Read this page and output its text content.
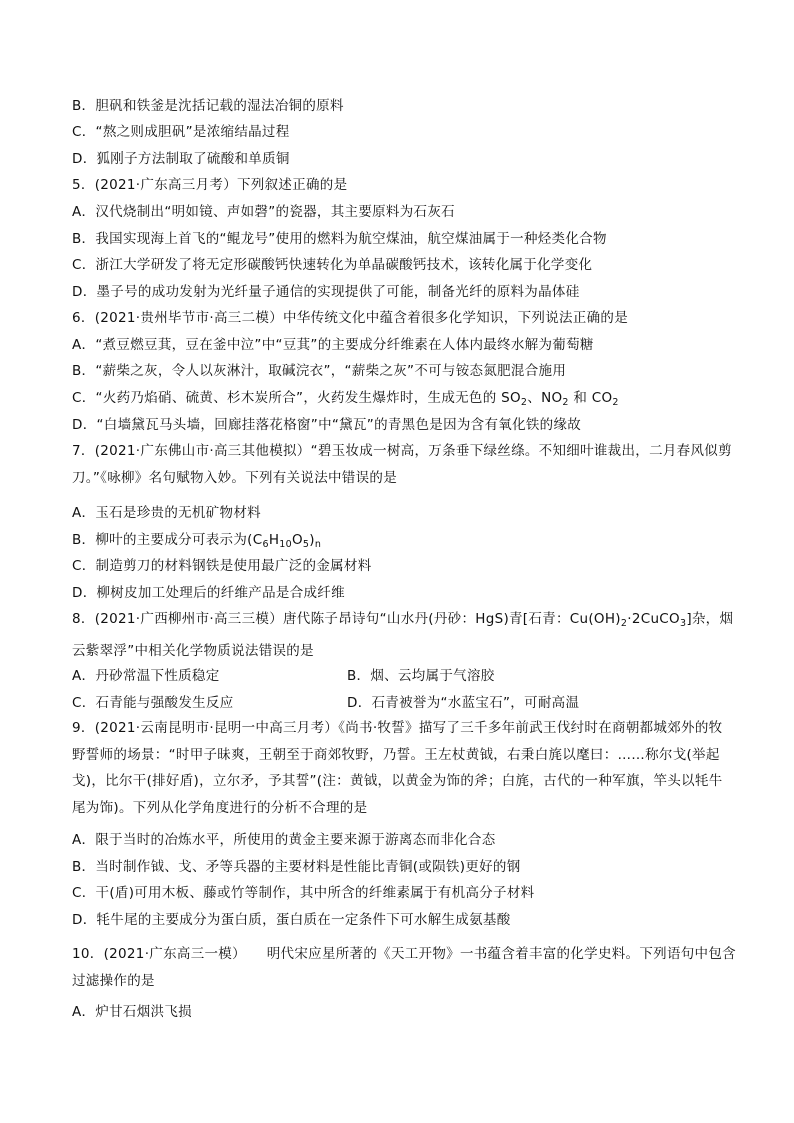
B．胆矾和铁釜是沈括记载的湿法冶铜的原料
C．“熬之则成胆矾”是浓缩结晶过程
D．狐刚子方法制取了硫酸和单质铜
5．(2021·广东高三月考）下列叙述正确的是
A．汉代烧制出“明如镜、声如磬”的瓷器，其主要原料为石灰石
B．我国实现海上首飞的“鲲龙号”使用的燃料为航空煤油，航空煤油属于一种烃类化合物
C．浙江大学研发了将无定形碳酸钙快速转化为单晶碳酸钙技术，该转化属于化学变化
D．墨子号的成功发射为光纤量子通信的实现提供了可能，制备光纤的原料为晶体硅
6．(2021·贵州毕节市·高三二模）中华传统文化中蕴含着很多化学知识，下列说法正确的是
A．“煮豆燃豆萁，豆在釜中泣”中“豆萁”的主要成分纤维素在人体内最终水解为葡萄糖
B．“薪柴之灰，令人以灰淋汁，取碱浣衣”，“薪柴之灰”不可与铵态氮肥混合施用
C．“火药乃焰硝、硫黄、杉木炭所合”，火药发生爆炸时，生成无色的 $SO_2$、$NO_2$ 和 $CO_2$
D．“白墙黛瓦马头墙，回廊挂落花格窗”中“黛瓦”的青黑色是因为含有氧化铁的缘故
7．(2021·广东佛山市·高三其他模拟）“碧玉妆成一树高，万条垂下绿丝绦。不知细叶谁裁出，二月春风似剪刀。”《咏柳》名句赋物入妙。下列有关说法中错误的是
A．玉石是珍贵的无机矿物材料
B．柳叶的主要成分可表示为$(C_6H_{10}O_5)_n$
C．制造剪刀的材料钢铁是使用最广泛的金属材料
D．柳树皮加工处理后的纤维产品是合成纤维
8．(2021·广西柳州市·高三三模）唐代陈子昂诗句“山水丹(丹砂：HgS)青[石青：$Cu(OH)_2\cdot 2CuCO_3$]杂，烟云紫翠浮”中相关化学物质说法错误的是
A．丹砂常温下性质稳定	B．烟、云均属于气溶胶
C．石青能与强酸发生反应	D．石青被誉为“水蓝宝石”，可耐高温
9．(2021·云南昆明市·昆明一中高三月考）《尚书·牧誓》描写了三千多年前武王伐纣时在商朝都城郊外的牧野誓师的场景：“时甲子昧爽，王朝至于商郊牧野，乃誓。王左杖黄钺，右秉白旄以麾曰：……称尔戈(举起戈)，比尔干(排好盾)，立尔矛，予其誓”(注：黄钺，以黄金为饰的斧；白旄，古代的一种军旗，竿头以牦牛尾为饰)。下列从化学角度进行的分析不合理的是
A．限于当时的冶炼水平，所使用的黄金主要来源于游离态而非化合态
B．当时制作钺、戈、矛等兵器的主要材料是性能比青铜(或陨铁)更好的钢
C．干(盾)可用木板、藤或竹等制作，其中所含的纤维素属于有机高分子材料
D．牦牛尾的主要成分为蛋白质，蛋白质在一定条件下可水解生成氨基酸
10．(2021·广东高三一模）　　明代宋应星所著的《天工开物》一书蕴含着丰富的化学史料。下列语句中包含过滤操作的是
A．炉甘石烟洪飞损
